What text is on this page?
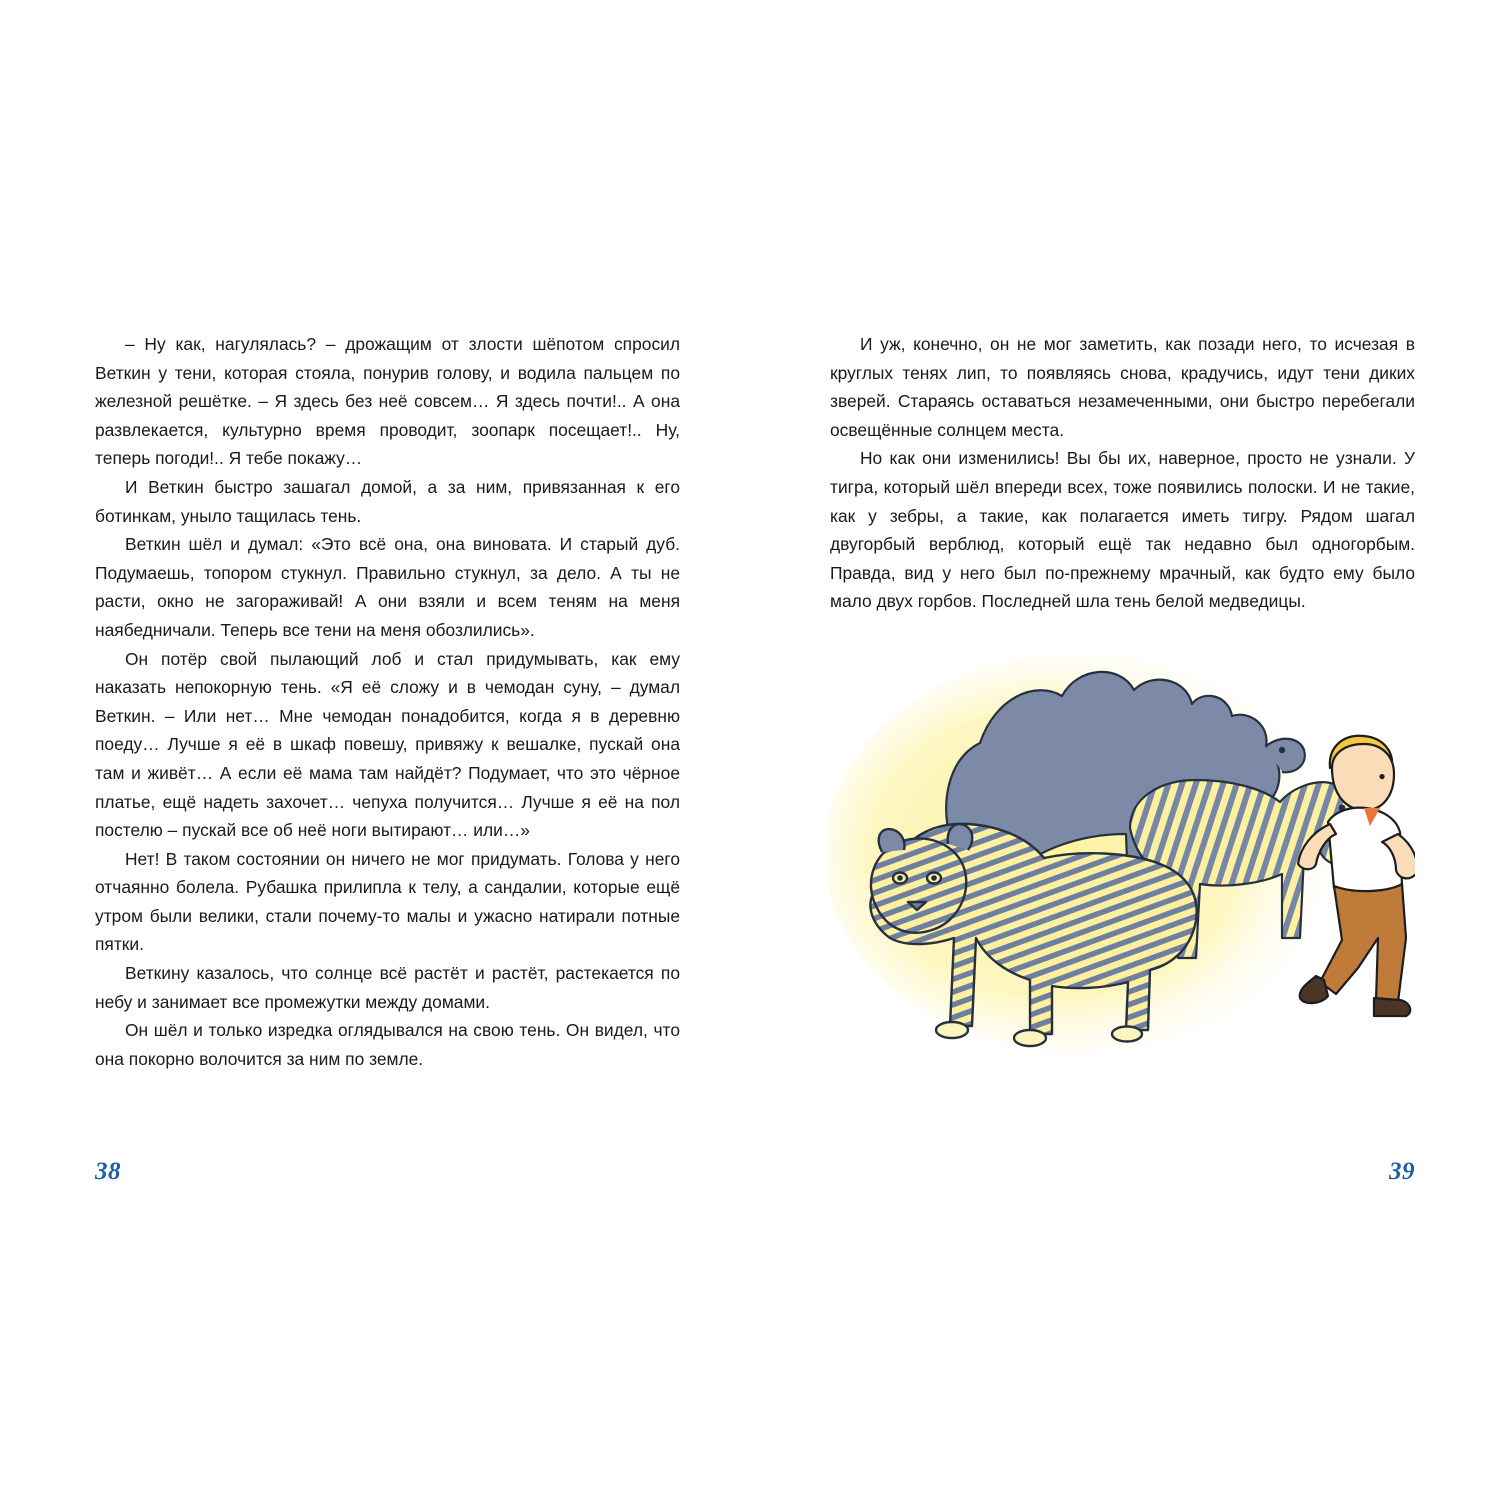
– Ну как, нагулялась? – дрожащим от злости шёпотом спросил Веткин у тени, которая стояла, понурив голову, и водила пальцем по железной решётке. – Я здесь без неё совсем… Я здесь почти!.. А она развлекается, культурно время проводит, зоопарк посещает!.. Ну, теперь погоди!.. Я тебе покажу…

И Веткин быстро зашагал домой, а за ним, привязанная к его ботинкам, уныло тащилась тень.

Веткин шёл и думал: «Это всё она, она виновата. И старый дуб. Подумаешь, топором стукнул. Правильно стукнул, за дело. А ты не расти, окно не загораживай! А они взяли и всем теням на меня наябедничали. Теперь все тени на меня обозлились».

Он потёр свой пылающий лоб и стал придумывать, как ему наказать непокорную тень. «Я её сложу и в чемодан суну, – думал Веткин. – Или нет… Мне чемодан понадобится, когда я в деревню поеду… Лучше я её в шкаф повешу, привяжу к вешалке, пускай она там и живёт… А если её мама там найдёт? Подумает, что это чёрное платье, ещё надеть захочет… чепуха получится… Лучше я её на пол постелю – пускай все об неё ноги вытирают… или…»

Нет! В таком состоянии он ничего не мог придумать. Голова у него отчаянно болела. Рубашка прилипла к телу, а сандалии, которые ещё утром были велики, стали почему-то малы и ужасно натирали потные пятки.

Веткину казалось, что солнце всё растёт и растёт, растекается по небу и занимает все промежутки между домами.

Он шёл и только изредка оглядывался на свою тень. Он видел, что она покорно волочится за ним по земле.

38

И уж, конечно, он не мог заметить, как позади него, то исчезая в круглых тенях лип, то появляясь снова, крадучись, идут тени диких зверей. Стараясь оставаться незамеченными, они быстро перебегали освещённые солнцем места.

Но как они изменились! Вы бы их, наверное, просто не узнали. У тигра, который шёл впереди всех, тоже появились полоски. И не такие, как у зебры, а такие, как полагается иметь тигру. Рядом шагал двугорбый верблюд, который ещё так недавно был одногорбым. Правда, вид у него был по-прежнему мрачный, как будто ему было мало двух горбов. Последней шла тень белой медведицы.

39
